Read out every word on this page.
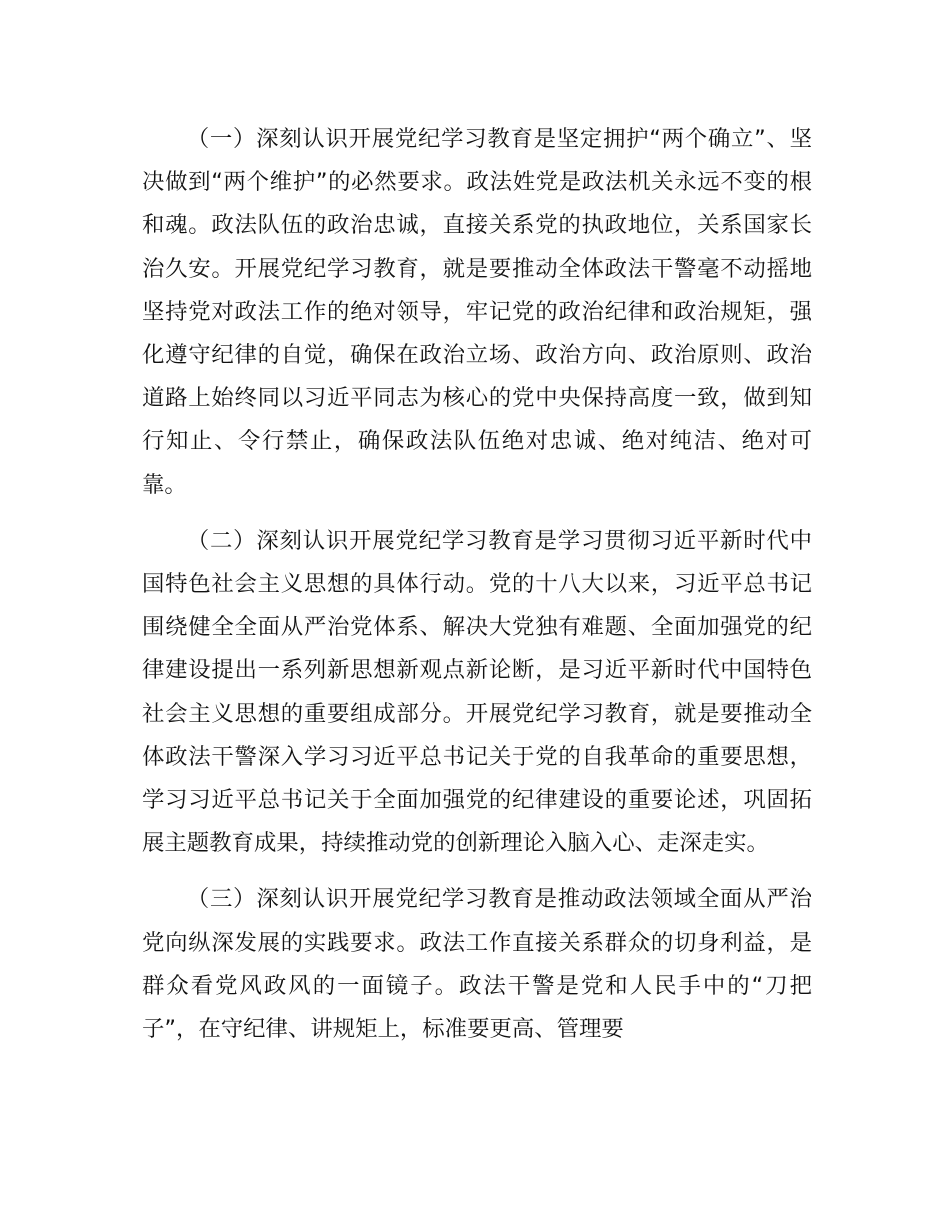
（一）深刻认识开展党纪学习教育是坚定拥护“两个确立”、坚决做到“两个维护”的必然要求。政法姓党是政法机关永远不变的根和魂。政法队伍的政治忠诚，直接关系党的执政地位，关系国家长治久安。开展党纪学习教育，就是要推动全体政法干警毫不动摇地坚持党对政法工作的绝对领导，牢记党的政治纪律和政治规矩，强化遵守纪律的自觉，确保在政治立场、政治方向、政治原则、政治道路上始终同以习近平同志为核心的党中央保持高度一致，做到知行知止、令行禁止，确保政法队伍绝对忠诚、绝对纯洁、绝对可靠。

（二）深刻认识开展党纪学习教育是学习贯彻习近平新时代中国特色社会主义思想的具体行动。党的十八大以来，习近平总书记围绕健全全面从严治党体系、解决大党独有难题、全面加强党的纪律建设提出一系列新思想新观点新论断，是习近平新时代中国特色社会主义思想的重要组成部分。开展党纪学习教育，就是要推动全体政法干警深入学习习近平总书记关于党的自我革命的重要思想，学习习近平总书记关于全面加强党的纪律建设的重要论述，巩固拓展主题教育成果，持续推动党的创新理论入脑入心、走深走实。

（三）深刻认识开展党纪学习教育是推动政法领域全面从严治党向纵深发展的实践要求。政法工作直接关系群众的切身利益，是群众看党风政风的一面镜子。政法干警是党和人民手中的“刀把子”，在守纪律、讲规矩上，标准要更高、管理要
